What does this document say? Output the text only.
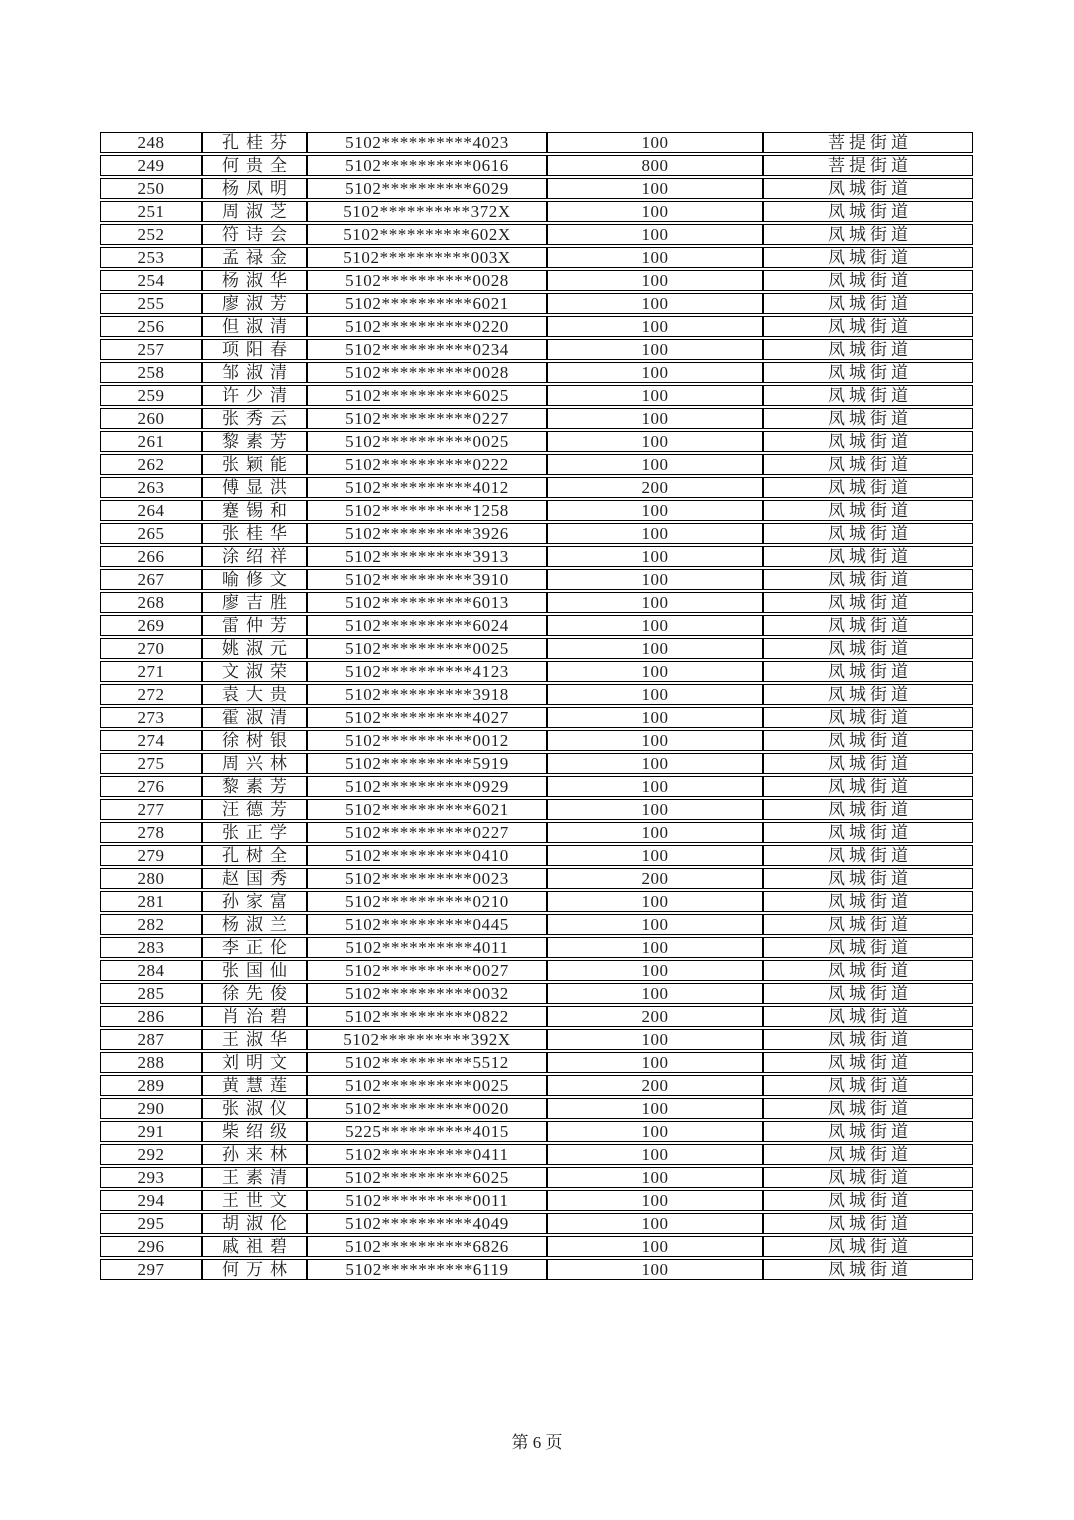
248	孔桂芬	5102**********4023	100	菩提街道
249	何贵全	5102**********0616	800	菩提街道
250	杨凤明	5102**********6029	100	凤城街道
251	周淑芝	5102**********372X	100	凤城街道
252	符诗会	5102**********602X	100	凤城街道
253	孟禄金	5102**********003X	100	凤城街道
254	杨淑华	5102**********0028	100	凤城街道
255	廖淑芳	5102**********6021	100	凤城街道
256	但淑清	5102**********0220	100	凤城街道
257	项阳春	5102**********0234	100	凤城街道
258	邹淑清	5102**********0028	100	凤城街道
259	许少清	5102**********6025	100	凤城街道
260	张秀云	5102**********0227	100	凤城街道
261	黎素芳	5102**********0025	100	凤城街道
262	张颖能	5102**********0222	100	凤城街道
263	傅显洪	5102**********4012	200	凤城街道
264	蹇锡和	5102**********1258	100	凤城街道
265	张桂华	5102**********3926	100	凤城街道
266	涂绍祥	5102**********3913	100	凤城街道
267	喻修文	5102**********3910	100	凤城街道
268	廖吉胜	5102**********6013	100	凤城街道
269	雷仲芳	5102**********6024	100	凤城街道
270	姚淑元	5102**********0025	100	凤城街道
271	文淑荣	5102**********4123	100	凤城街道
272	袁大贵	5102**********3918	100	凤城街道
273	霍淑清	5102**********4027	100	凤城街道
274	徐树银	5102**********0012	100	凤城街道
275	周兴林	5102**********5919	100	凤城街道
276	黎素芳	5102**********0929	100	凤城街道
277	汪德芳	5102**********6021	100	凤城街道
278	张正学	5102**********0227	100	凤城街道
279	孔树全	5102**********0410	100	凤城街道
280	赵国秀	5102**********0023	200	凤城街道
281	孙家富	5102**********0210	100	凤城街道
282	杨淑兰	5102**********0445	100	凤城街道
283	李正伦	5102**********4011	100	凤城街道
284	张国仙	5102**********0027	100	凤城街道
285	徐先俊	5102**********0032	100	凤城街道
286	肖治碧	5102**********0822	200	凤城街道
287	王淑华	5102**********392X	100	凤城街道
288	刘明文	5102**********5512	100	凤城街道
289	黄慧莲	5102**********0025	200	凤城街道
290	张淑仪	5102**********0020	100	凤城街道
291	柴绍级	5225**********4015	100	凤城街道
292	孙来林	5102**********0411	100	凤城街道
293	王素清	5102**********6025	100	凤城街道
294	王世文	5102**********0011	100	凤城街道
295	胡淑伦	5102**********4049	100	凤城街道
296	戚祖碧	5102**********6826	100	凤城街道
297	何万林	5102**********6119	100	凤城街道
第 6 页
